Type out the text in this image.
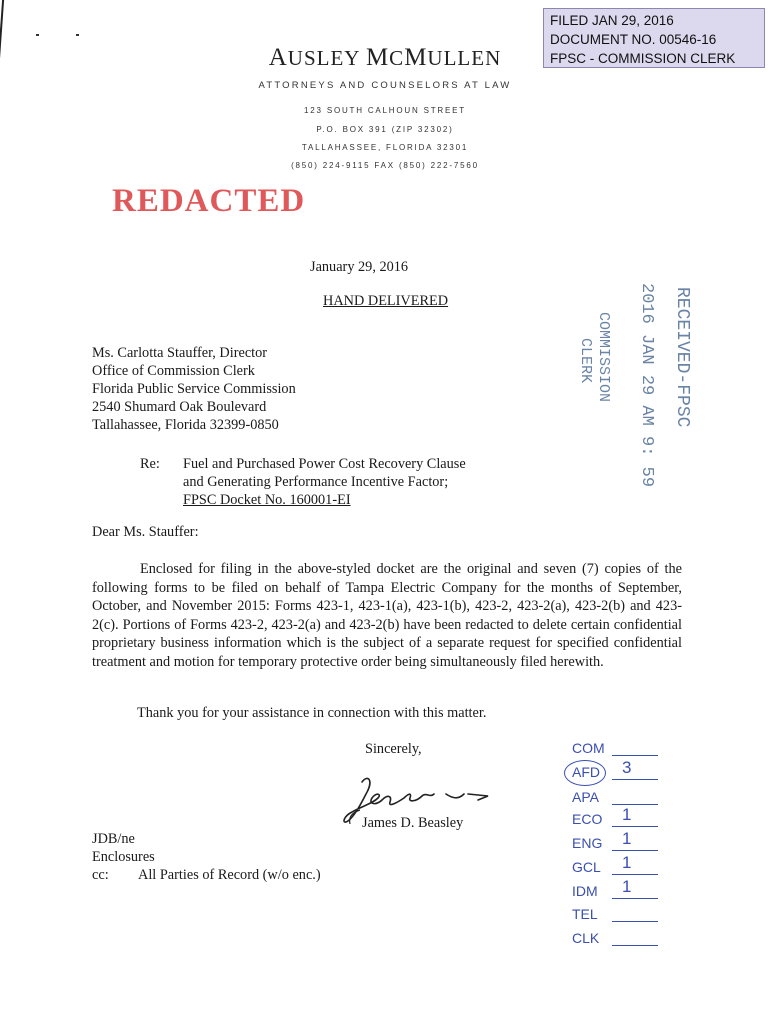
FILED JAN 29, 2016
DOCUMENT NO. 00546-16
FPSC - COMMISSION CLERK
AUSLEY MCMULLEN
ATTORNEYS AND COUNSELORS AT LAW
123 SOUTH CALHOUN STREET
P.O. BOX 391 (ZIP 32302)
TALLAHASSEE, FLORIDA 32301
(850) 224-9115 FAX (850) 222-7560
REDACTED
January 29, 2016
HAND DELIVERED	RECEIVED-FPSC
2016 JAN 29 AM 9: 59
COMMISSION
CLERK
Ms. Carlotta Stauffer, Director
Office of Commission Clerk
Florida Public Service Commission
2540 Shumard Oak Boulevard
Tallahassee, Florida 32399-0850
Re: Fuel and Purchased Power Cost Recovery Clause
and Generating Performance Incentive Factor;
FPSC Docket No. 160001-EI
Dear Ms. Stauffer:
Enclosed for filing in the above-styled docket are the original and seven (7) copies of the following forms to be filed on behalf of Tampa Electric Company for the months of September, October, and November 2015: Forms 423-1, 423-1(a), 423-1(b), 423-2, 423-2(a), 423-2(b) and 423-2(c). Portions of Forms 423-2, 423-2(a) and 423-2(b) have been redacted to delete certain confidential proprietary business information which is the subject of a separate request for specified confidential treatment and motion for temporary protective order being simultaneously filed herewith.
Thank you for your assistance in connection with this matter.
Sincerely,
James D. Beasley
JDB/ne
Enclosures
cc: All Parties of Record (w/o enc.)
COM
AFD 3
APA
ECO 1
ENG 1
GCL 1
IDM 1
TEL
CLK
